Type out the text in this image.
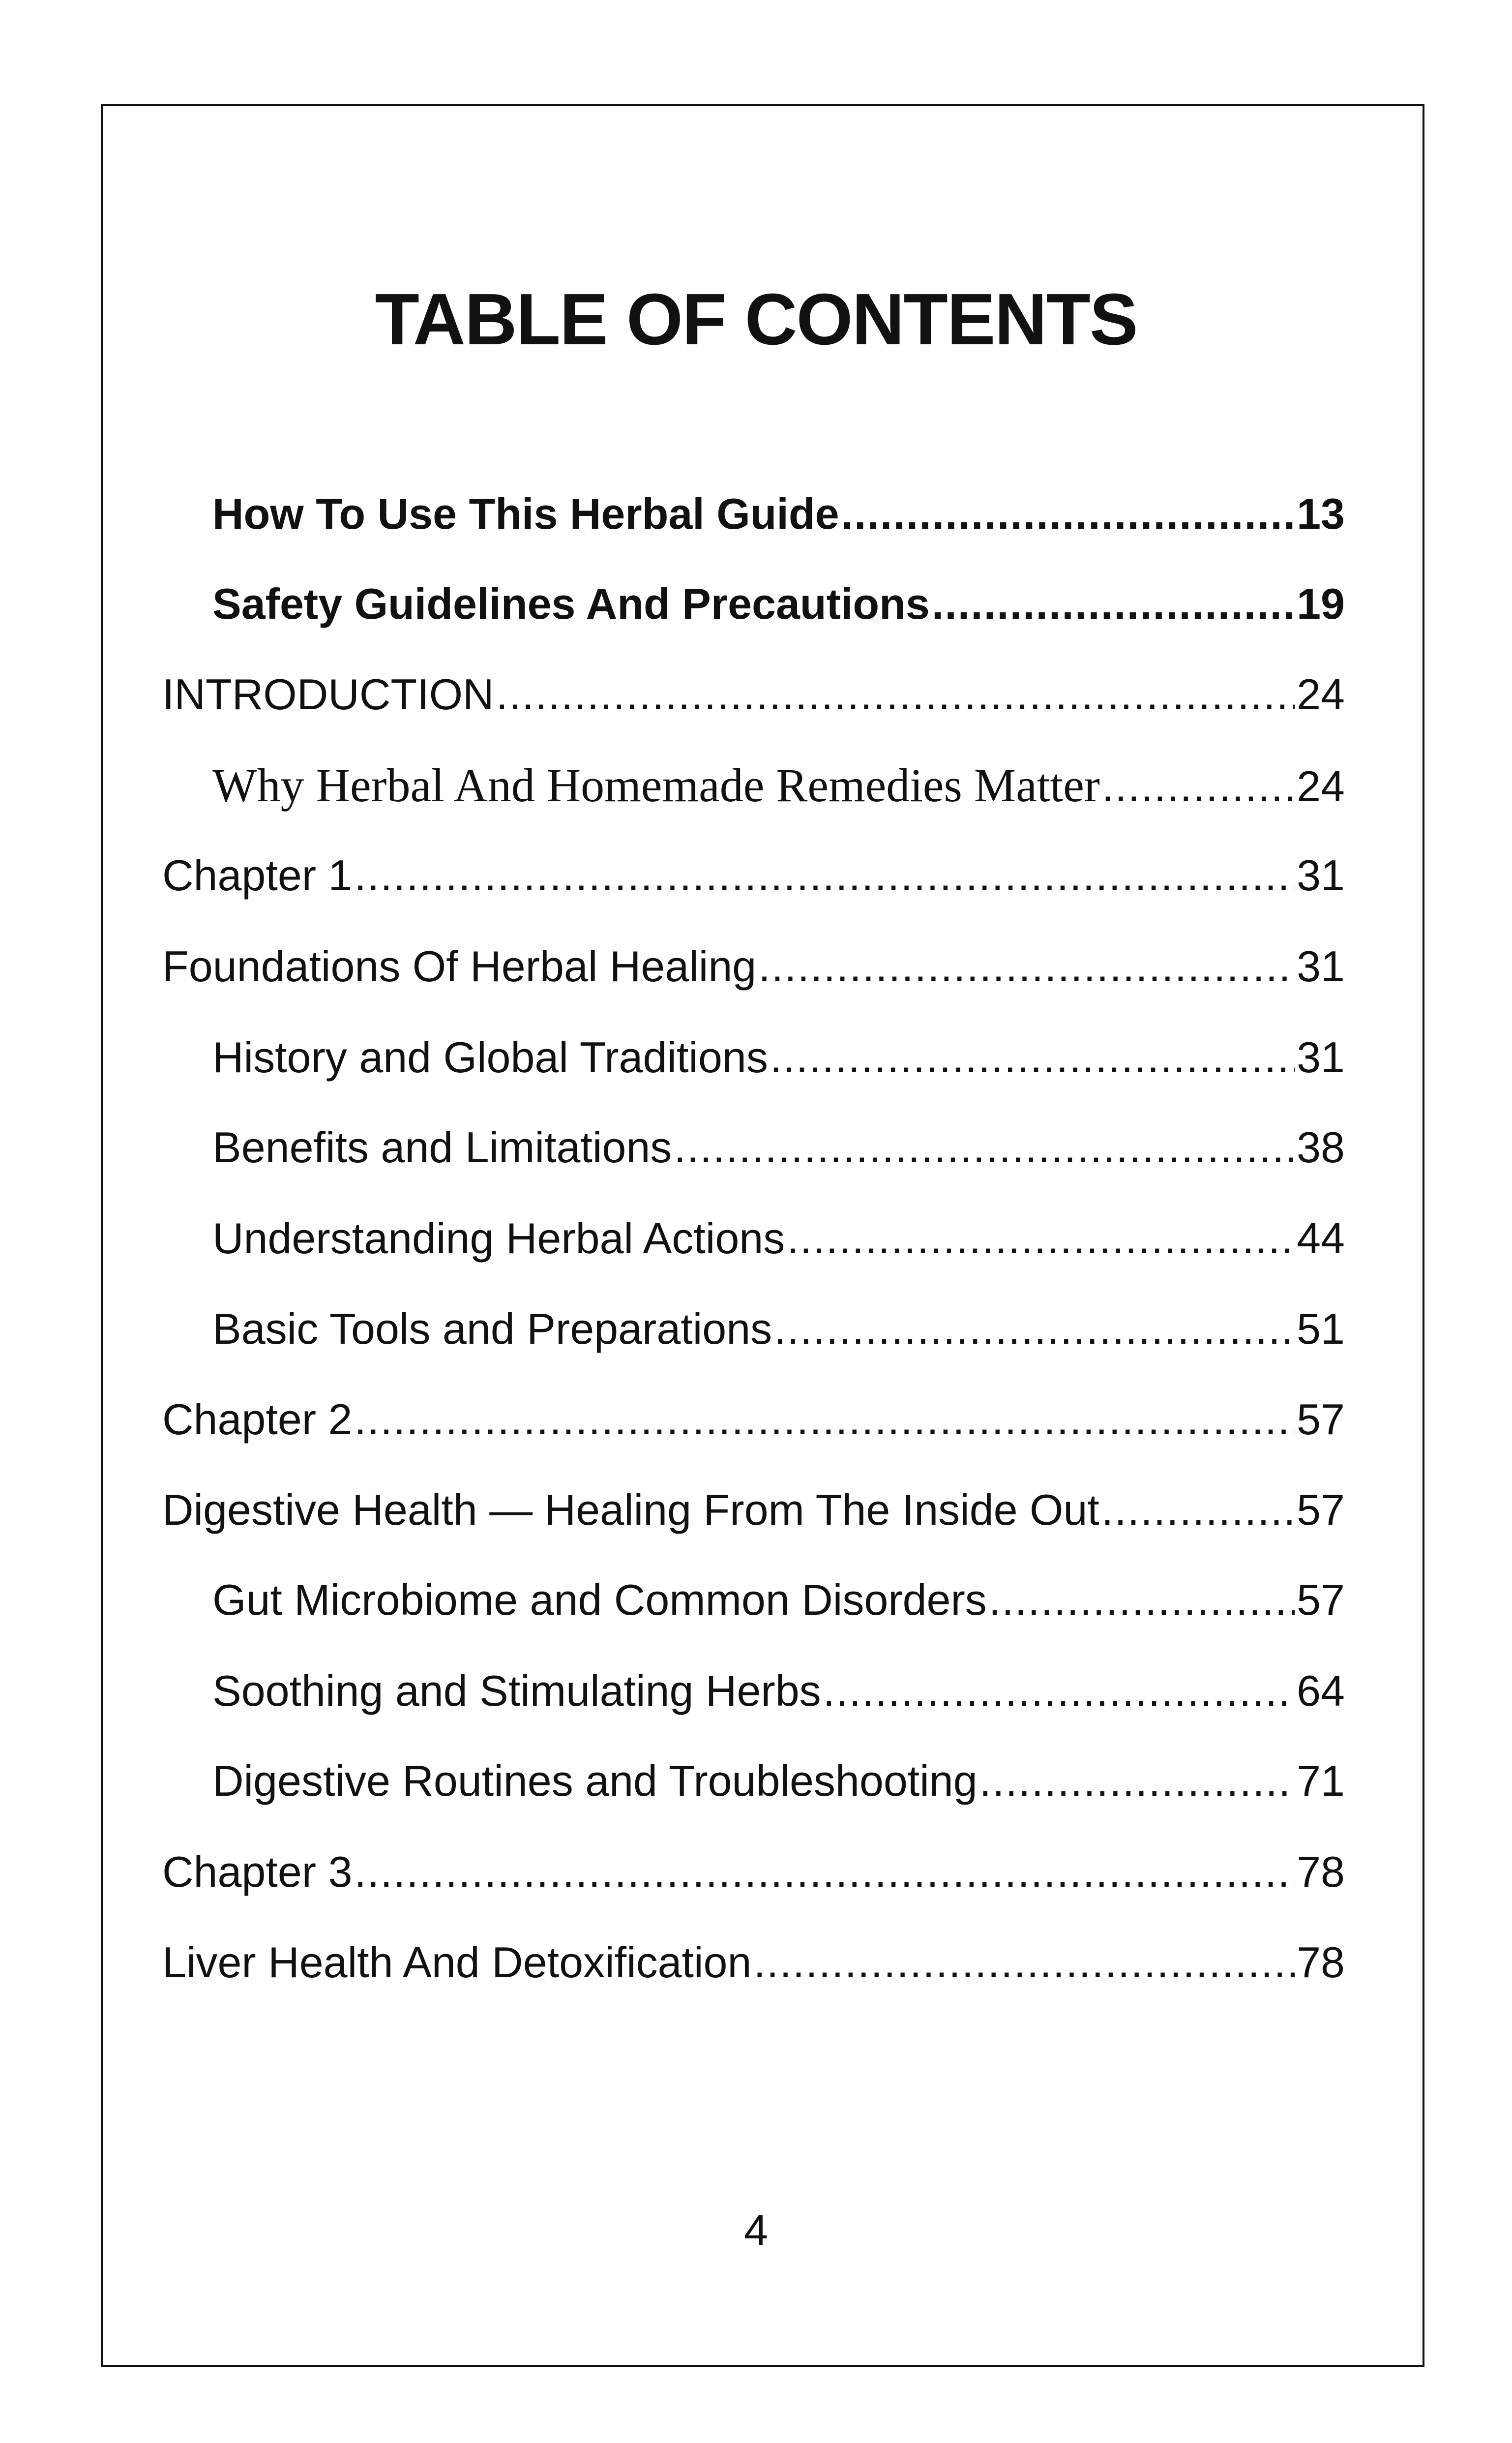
TABLE OF CONTENTS
How To Use This Herbal Guide .....	13
Safety Guidelines And Precautions .....	19
INTRODUCTION .....	24
Why Herbal And Homemade Remedies Matter .....	24
Chapter 1 .....	31
Foundations Of Herbal Healing .....	31
History and Global Traditions .....	31
Benefits and Limitations .....	38
Understanding Herbal Actions .....	44
Basic Tools and Preparations .....	51
Chapter 2 .....	57
Digestive Health — Healing From The Inside Out .....	57
Gut Microbiome and Common Disorders .....	57
Soothing and Stimulating Herbs .....	64
Digestive Routines and Troubleshooting .....	71
Chapter 3 .....	78
Liver Health And Detoxification .....	78
4
